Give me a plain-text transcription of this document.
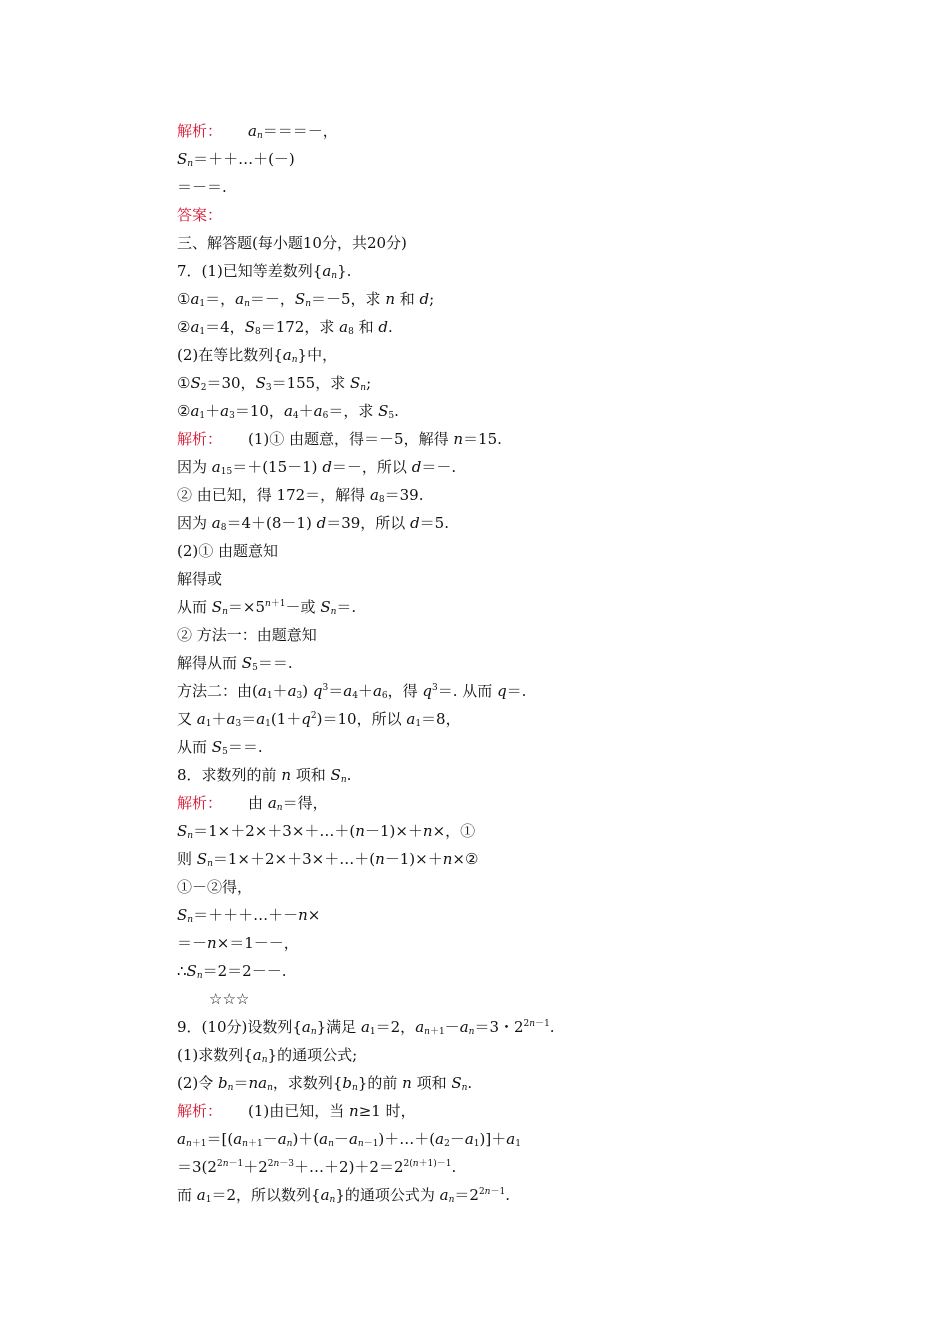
解析： $a_n===-$，
$S_n=++\dots+(-)$
＝－＝.
答案：
三、解答题(每小题10分，共20分)
7．(1)已知等差数列$\{a_n\}$.
$①a_1=$，$a_n=-$，$S_n=-5$，求 n 和 d;
$②a_1=4$，$S_8=172$，求 $a_8$ 和 d.
(2)在等比数列$\{a_n\}$中，
$①S_2=30$，$S_3=155$，求 $S_n$;
$②a_1+a_3=10$，$a_4+a_6=$，求 $S_5$.
解析： (1)① 由题意，得＝－5，解得 n＝15.
因为 $a_{15}=+(15-1)$ d＝－，所以 d＝－.
② 由已知，得 172＝，解得 $a_8=39$.
因为 $a_8=4+(8-1)$ d＝39，所以 d＝5.
(2)① 由题意知
解得或
从而 $S_n=\times 5^{n+1}-$或 $S_n=$.
② 方法一：由题意知
解得从而 $S_5==$.
方法二：由$(a_1+a_3)$ $q^3=a_4+a_6$，得 $q^3=$. 从而 q＝.
又 $a_1+a_3=a_1(1+q^2)=10$，所以 $a_1=8$，
从而 $S_5==$.
8．求数列的前 n 项和 $S_n$.
解析： 由 $a_n=$得，
$S_n=1\times+2\times+3\times+\dots+(n-1)\times+n\times$，①
则 $S_n=1\times+2\times+3\times+\dots+(n-1)\times+n\times ②$
①－②得，
$S_n=+++\dots+-n\times$
＝－n×＝1－－，
$\therefore S_n=2=2--$.
☆☆☆
9．(10分)设数列$\{a_n\}$满足 $a_1=2$，$a_{n+1}-a_n=3$・$2^{2n-1}$.
(1)求数列$\{a_n\}$的通项公式;
(2)令 $b_n=na_n$，求数列$\{b_n\}$的前 n 项和 $S_n$.
解析： (1)由已知，当 n≥1 时，
$a_{n+1}=[(a_{n+1}-a_n)+(a_n-a_{n-1})+\dots+(a_2-a_1)]+a_1$
$=3(2^{2n-1}+2^{2n-3}+\dots+2)+2=2^{2(n+1)-1}$.
而 $a_1=2$，所以数列$\{a_n\}$的通项公式为 $a_n=2^{2n-1}$.
